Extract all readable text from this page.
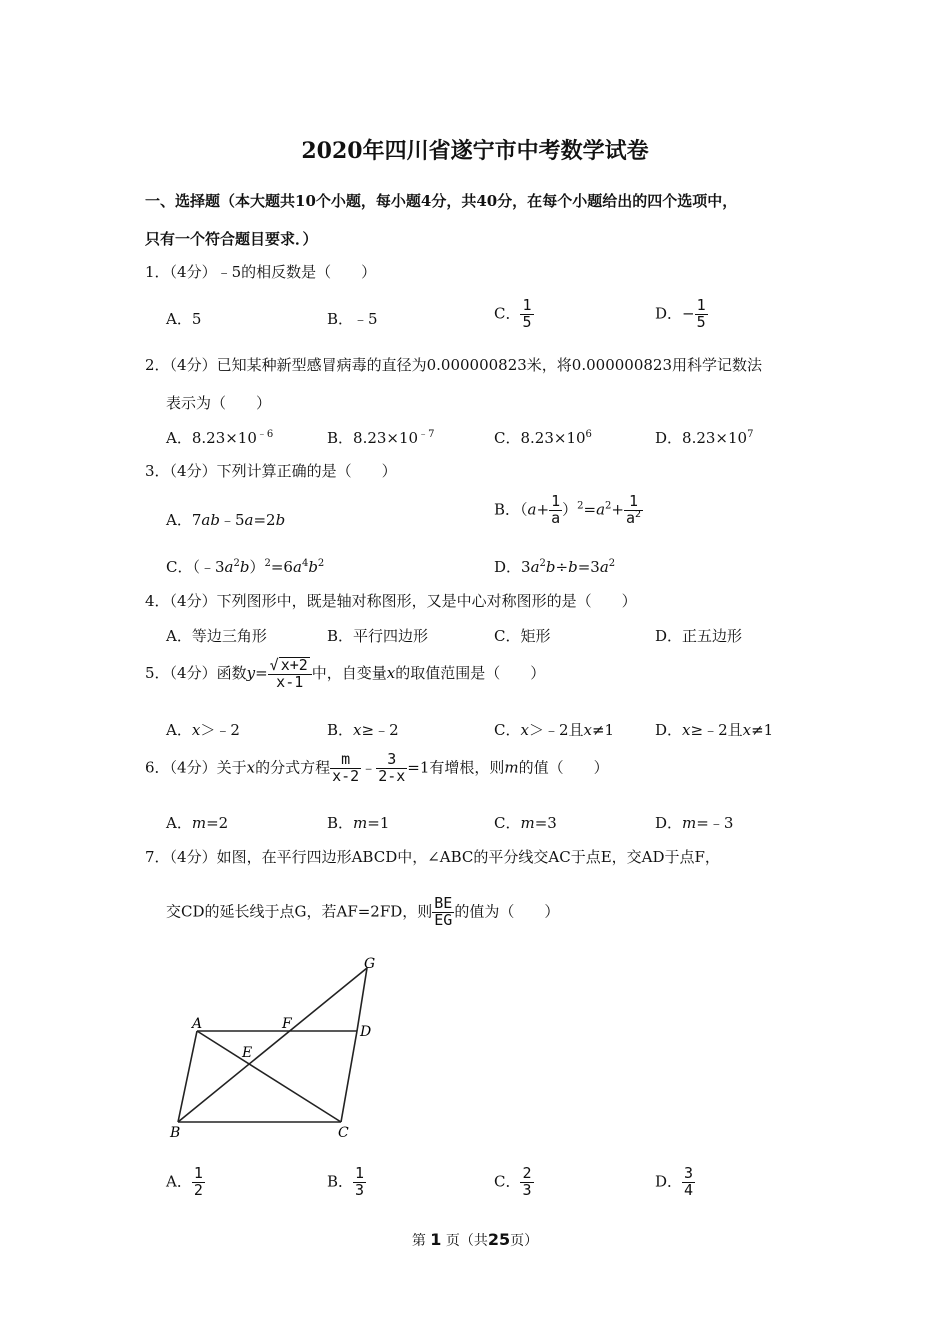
2020年四川省遂宁市中考数学试卷
一、选择题（本大题共10个小题，每小题4分，共40分，在每个小题给出的四个选项中，
只有一个符合题目要求．）
1．（4分）﹣5的相反数是（　　）
A．5	B．﹣5	C． $\frac{1}{5}$	D．− $\frac{1}{5}$
2．（4分）已知某种新型感冒病毒的直径为0.000000823米，将0.000000823用科学记数法
表示为（　　）
A．$8.23\times 10^{﹣6}$	B．$8.23\times 10^{﹣7}$	C．$8.23\times 10^6$	D．$8.23\times 10^7$
3．（4分）下列计算正确的是（　　）
A．7ab﹣5a=2b
B．$(a+ \frac{1}{a} )^2=a^2+ \frac{1}{a^2}$
C．$(﹣3a^2b)^2=6a^4b^2$	D．$3a^2b\div b=3a^2$
4．（4分）下列图形中，既是轴对称图形，又是中心对称图形的是（　　）
A．等边三角形	B．平行四边形	C．矩形	D．正五边形
5．（4分）函数$y= \frac{√ x+2}{x-1}$ 中，自变量x的取值范围是（　　）
A．x＞﹣2	B．x≥﹣2	C．x＞﹣2且x≠1	D．x≥﹣2且x≠1
6．（4分）关于x的分式方程 $\frac{m}{x-2}$ ﹣ $\frac{3}{2-x} =1$有增根，则m的值（　　）
A．m=2	B．m=1	C．m=3	D．m=﹣3
7．（4分）如图，在平行四边形ABCD中，∠ABC的平分线交AC于点E，交AD于点F，
交CD的延长线于点G，若AF=2FD，则 $\frac{BE}{EG}$ 的值为（　　）
A	F	D
E
G
B	C
A． $\frac{1}{2}$	B． $\frac{1}{3}$	C． $\frac{2}{3}$	D． $\frac{3}{4}$
第 1 页（共25页）
